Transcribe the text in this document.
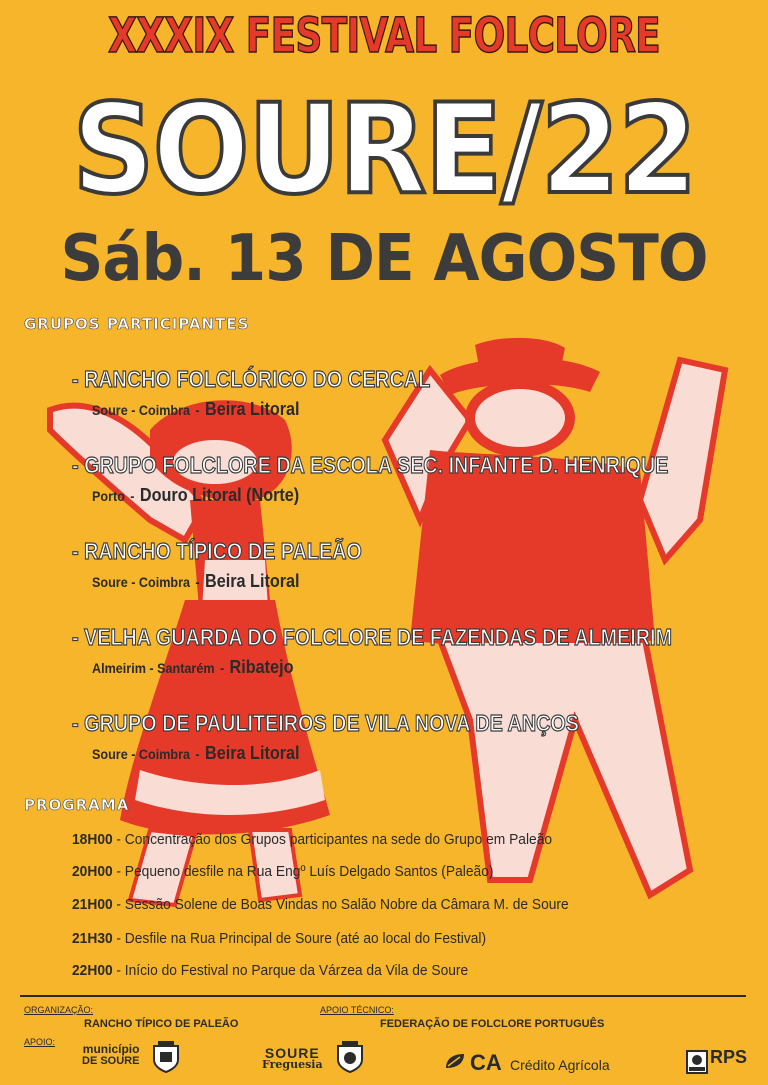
XXXIX FESTIVAL FOLCLORE
SOURE/22
Sáb. 13 DE AGOSTO
GRUPOS PARTICIPANTES
- RANCHO FOLCLÓRICO DO CERCAL
Soure - Coimbra - Beira Litoral
- GRUPO FOLCLORE DA ESCOLA SEC. INFANTE D. HENRIQUE
Porto - Douro Litoral (Norte)
- RANCHO TÍPICO DE PALEÃO
Soure - Coimbra - Beira Litoral
- VELHA GUARDA DO FOLCLORE DE FAZENDAS DE ALMEIRIM
Almeirim - Santarém - Ribatejo
- GRUPO DE PAULITEIROS DE VILA NOVA DE ANÇOS
Soure - Coimbra - Beira Litoral
PROGRAMA
18H00 - Concentração dos Grupos participantes na sede do Grupo em Paleão
20H00 - Pequeno desfile na Rua Engº Luís Delgado Santos (Paleão)
21H00 - Sessão Solene de Boas Vindas no Salão Nobre da Câmara M. de Soure
21H30 - Desfile na Rua Principal de Soure (até ao local do Festival)
22H00 - Início do Festival no Parque da Várzea da Vila de Soure
ORGANIZAÇÃO:
RANCHO TÍPICO DE PALEÃO
APOIO TÉCNICO:
FEDERAÇÃO DE FOLCLORE PORTUGUÊS
APOIO: município
DE SOURE	SOURE
Freguesia	CA Crédito Agrícola	RPS
